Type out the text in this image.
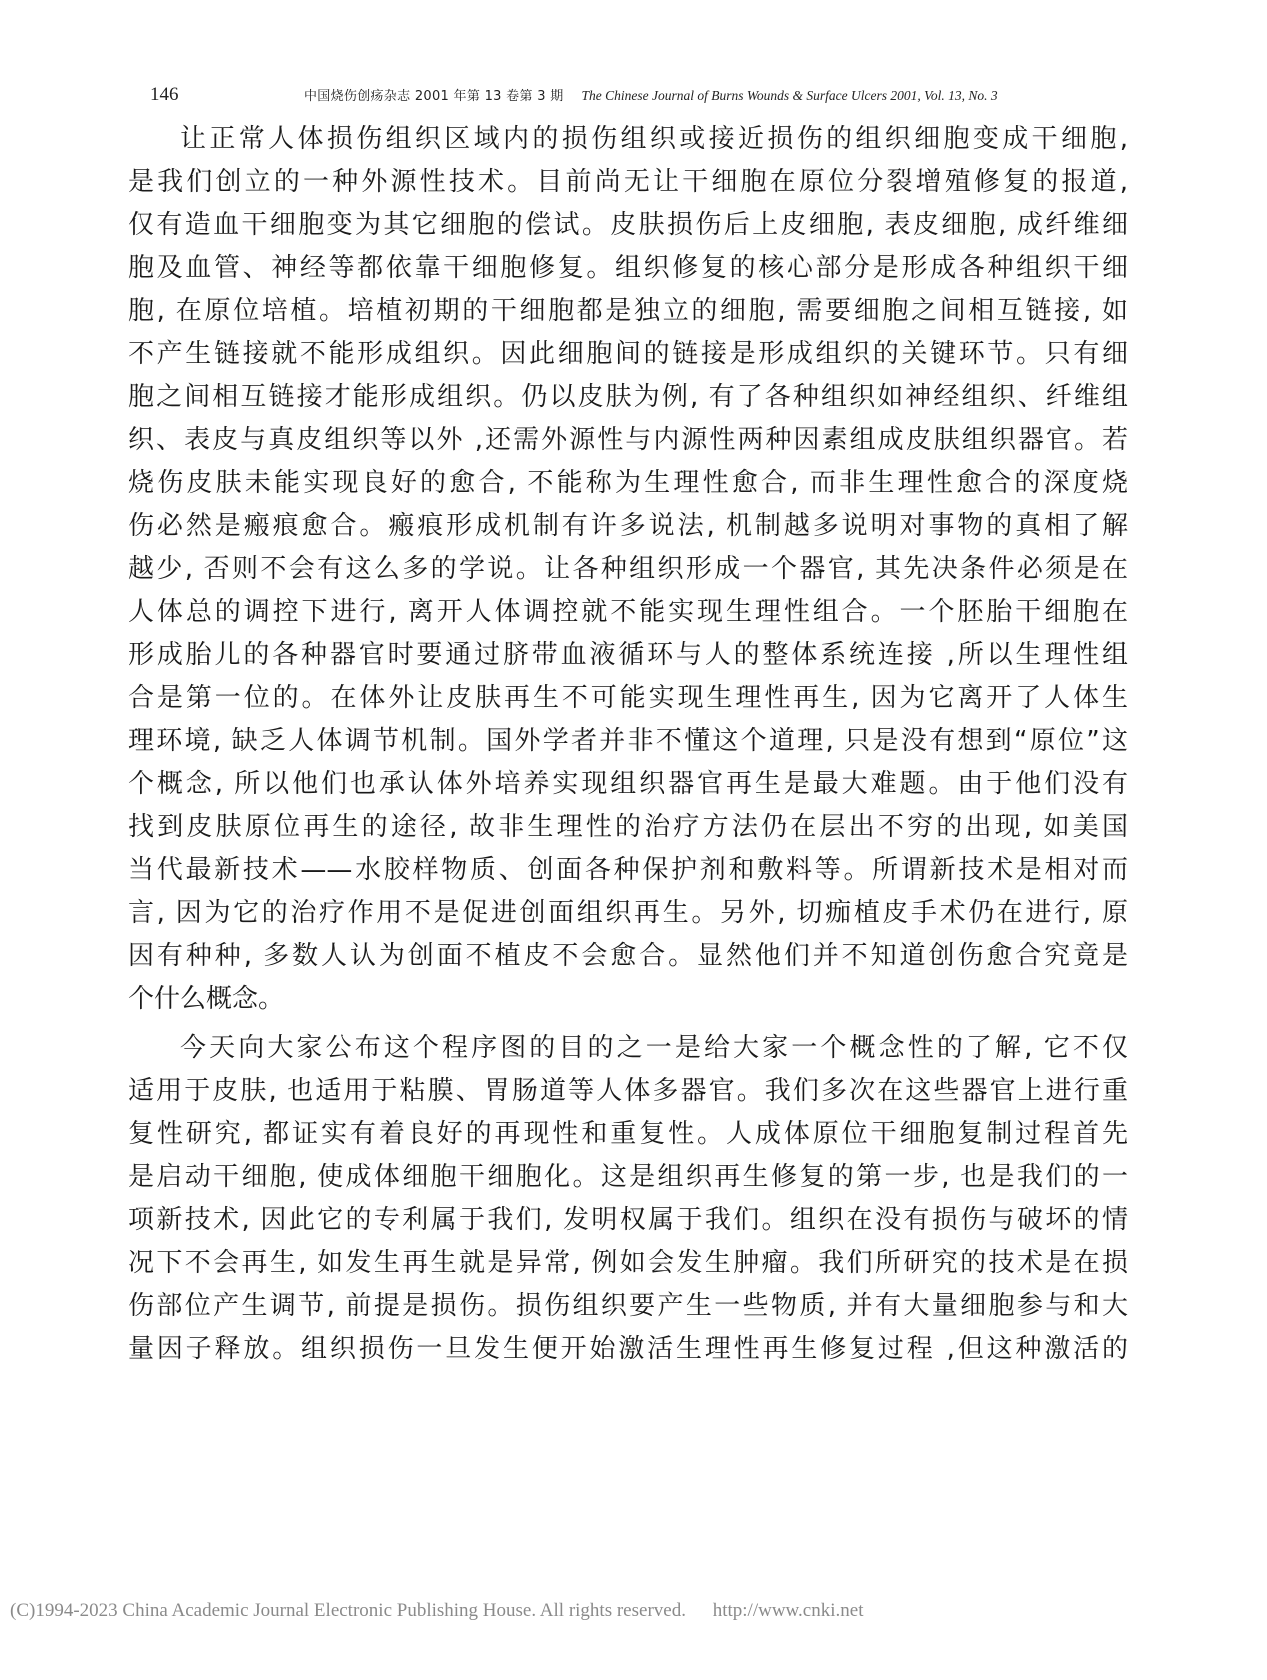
146	中国烧伤创疡杂志 2001 年第 13 卷第 3 期 The Chinese Journal of Burns Wounds & Surface Ulcers 2001, Vol. 13, No. 3
让正常人体损伤组织区域内的损伤组织或接近损伤的组织细胞变成干细胞,
是我们创立的一种外源性技术。目前尚无让干细胞在原位分裂增殖修复的报道,
仅有造血干细胞变为其它细胞的偿试。皮肤损伤后上皮细胞, 表皮细胞, 成纤维细
胞及血管、神经等都依靠干细胞修复。组织修复的核心部分是形成各种组织干细
胞, 在原位培植。培植初期的干细胞都是独立的细胞, 需要细胞之间相互链接, 如
不产生链接就不能形成组织。因此细胞间的链接是形成组织的关键环节。只有细
胞之间相互链接才能形成组织。仍以皮肤为例, 有了各种组织如神经组织、纤维组
织、表皮与真皮组织等以外 ,还需外源性与内源性两种因素组成皮肤组织器官。若
烧伤皮肤未能实现良好的愈合, 不能称为生理性愈合, 而非生理性愈合的深度烧
伤必然是瘢痕愈合。瘢痕形成机制有许多说法, 机制越多说明对事物的真相了解
越少, 否则不会有这么多的学说。让各种组织形成一个器官, 其先决条件必须是在
人体总的调控下进行, 离开人体调控就不能实现生理性组合。一个胚胎干细胞在
形成胎儿的各种器官时要通过脐带血液循环与人的整体系统连接 ,所以生理性组
合是第一位的。在体外让皮肤再生不可能实现生理性再生, 因为它离开了人体生
理环境, 缺乏人体调节机制。国外学者并非不懂这个道理, 只是没有想到“原位”这
个概念, 所以他们也承认体外培养实现组织器官再生是最大难题。由于他们没有
找到皮肤原位再生的途径, 故非生理性的治疗方法仍在层出不穷的出现, 如美国
当代最新技术——水胶样物质、创面各种保护剂和敷料等。所谓新技术是相对而
言, 因为它的治疗作用不是促进创面组织再生。另外, 切痂植皮手术仍在进行, 原
因有种种, 多数人认为创面不植皮不会愈合。显然他们并不知道创伤愈合究竟是
个什么概念。
今天向大家公布这个程序图的目的之一是给大家一个概念性的了解, 它不仅
适用于皮肤, 也适用于粘膜、胃肠道等人体多器官。我们多次在这些器官上进行重
复性研究, 都证实有着良好的再现性和重复性。人成体原位干细胞复制过程首先
是启动干细胞, 使成体细胞干细胞化。这是组织再生修复的第一步, 也是我们的一
项新技术, 因此它的专利属于我们, 发明权属于我们。组织在没有损伤与破坏的情
况下不会再生, 如发生再生就是异常, 例如会发生肿瘤。我们所研究的技术是在损
伤部位产生调节, 前提是损伤。损伤组织要产生一些物质, 并有大量细胞参与和大
量因子释放。组织损伤一旦发生便开始激活生理性再生修复过程 ,但这种激活的
(C)1994-2023 China Academic Journal Electronic Publishing House. All rights reserved. http://www.cnki.net
